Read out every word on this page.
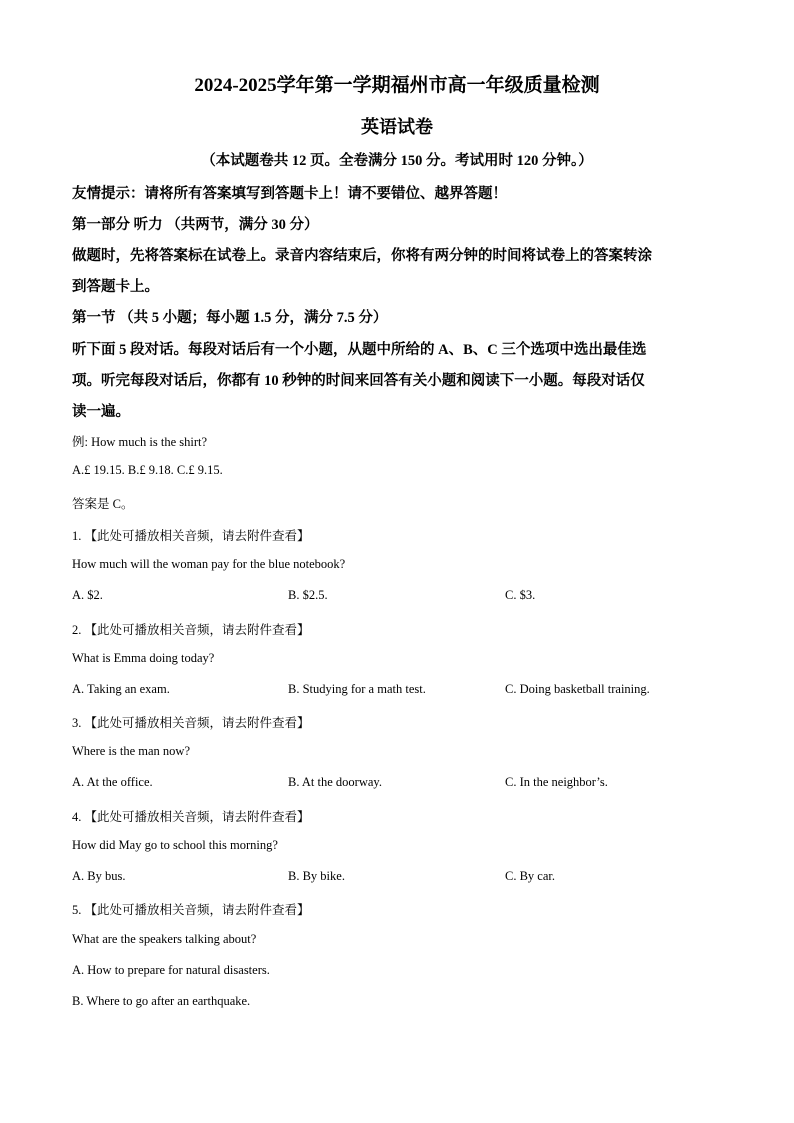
2024-2025学年第一学期福州市高一年级质量检测
英语试卷
（本试题卷共 12 页。全卷满分 150 分。考试用时 120 分钟。）
友情提示：请将所有答案填写到答题卡上！请不要错位、越界答题！
第一部分 听力 （共两节，满分 30 分）
做题时，先将答案标在试卷上。录音内容结束后，你将有两分钟的时间将试卷上的答案转涂
到答题卡上。
第一节 （共 5 小题；每小题 1.5 分，满分 7.5 分）
听下面 5 段对话。每段对话后有一个小题，从题中所给的 A、B、C 三个选项中选出最佳选
项。听完每段对话后，你都有 10 秒钟的时间来回答有关小题和阅读下一小题。每段对话仅
读一遍。
例: How much is the shirt?
A.£ 19.15. B.£ 9.18. C.£ 9.15.
答案是 C。
1. 【此处可播放相关音频，请去附件查看】
How much will the woman pay for the blue notebook?
A. $2.	B. $2.5.	C. $3.
2. 【此处可播放相关音频，请去附件查看】
What is Emma doing today?
A. Taking an exam.	B. Studying for a math test.	C. Doing basketball training.
3. 【此处可播放相关音频，请去附件查看】
Where is the man now?
A. At the office.	B. At the doorway.	C. In the neighbor’s.
4. 【此处可播放相关音频，请去附件查看】
How did May go to school this morning?
A. By bus.	B. By bike.	C. By car.
5. 【此处可播放相关音频，请去附件查看】
What are the speakers talking about?
A. How to prepare for natural disasters.
B. Where to go after an earthquake.
